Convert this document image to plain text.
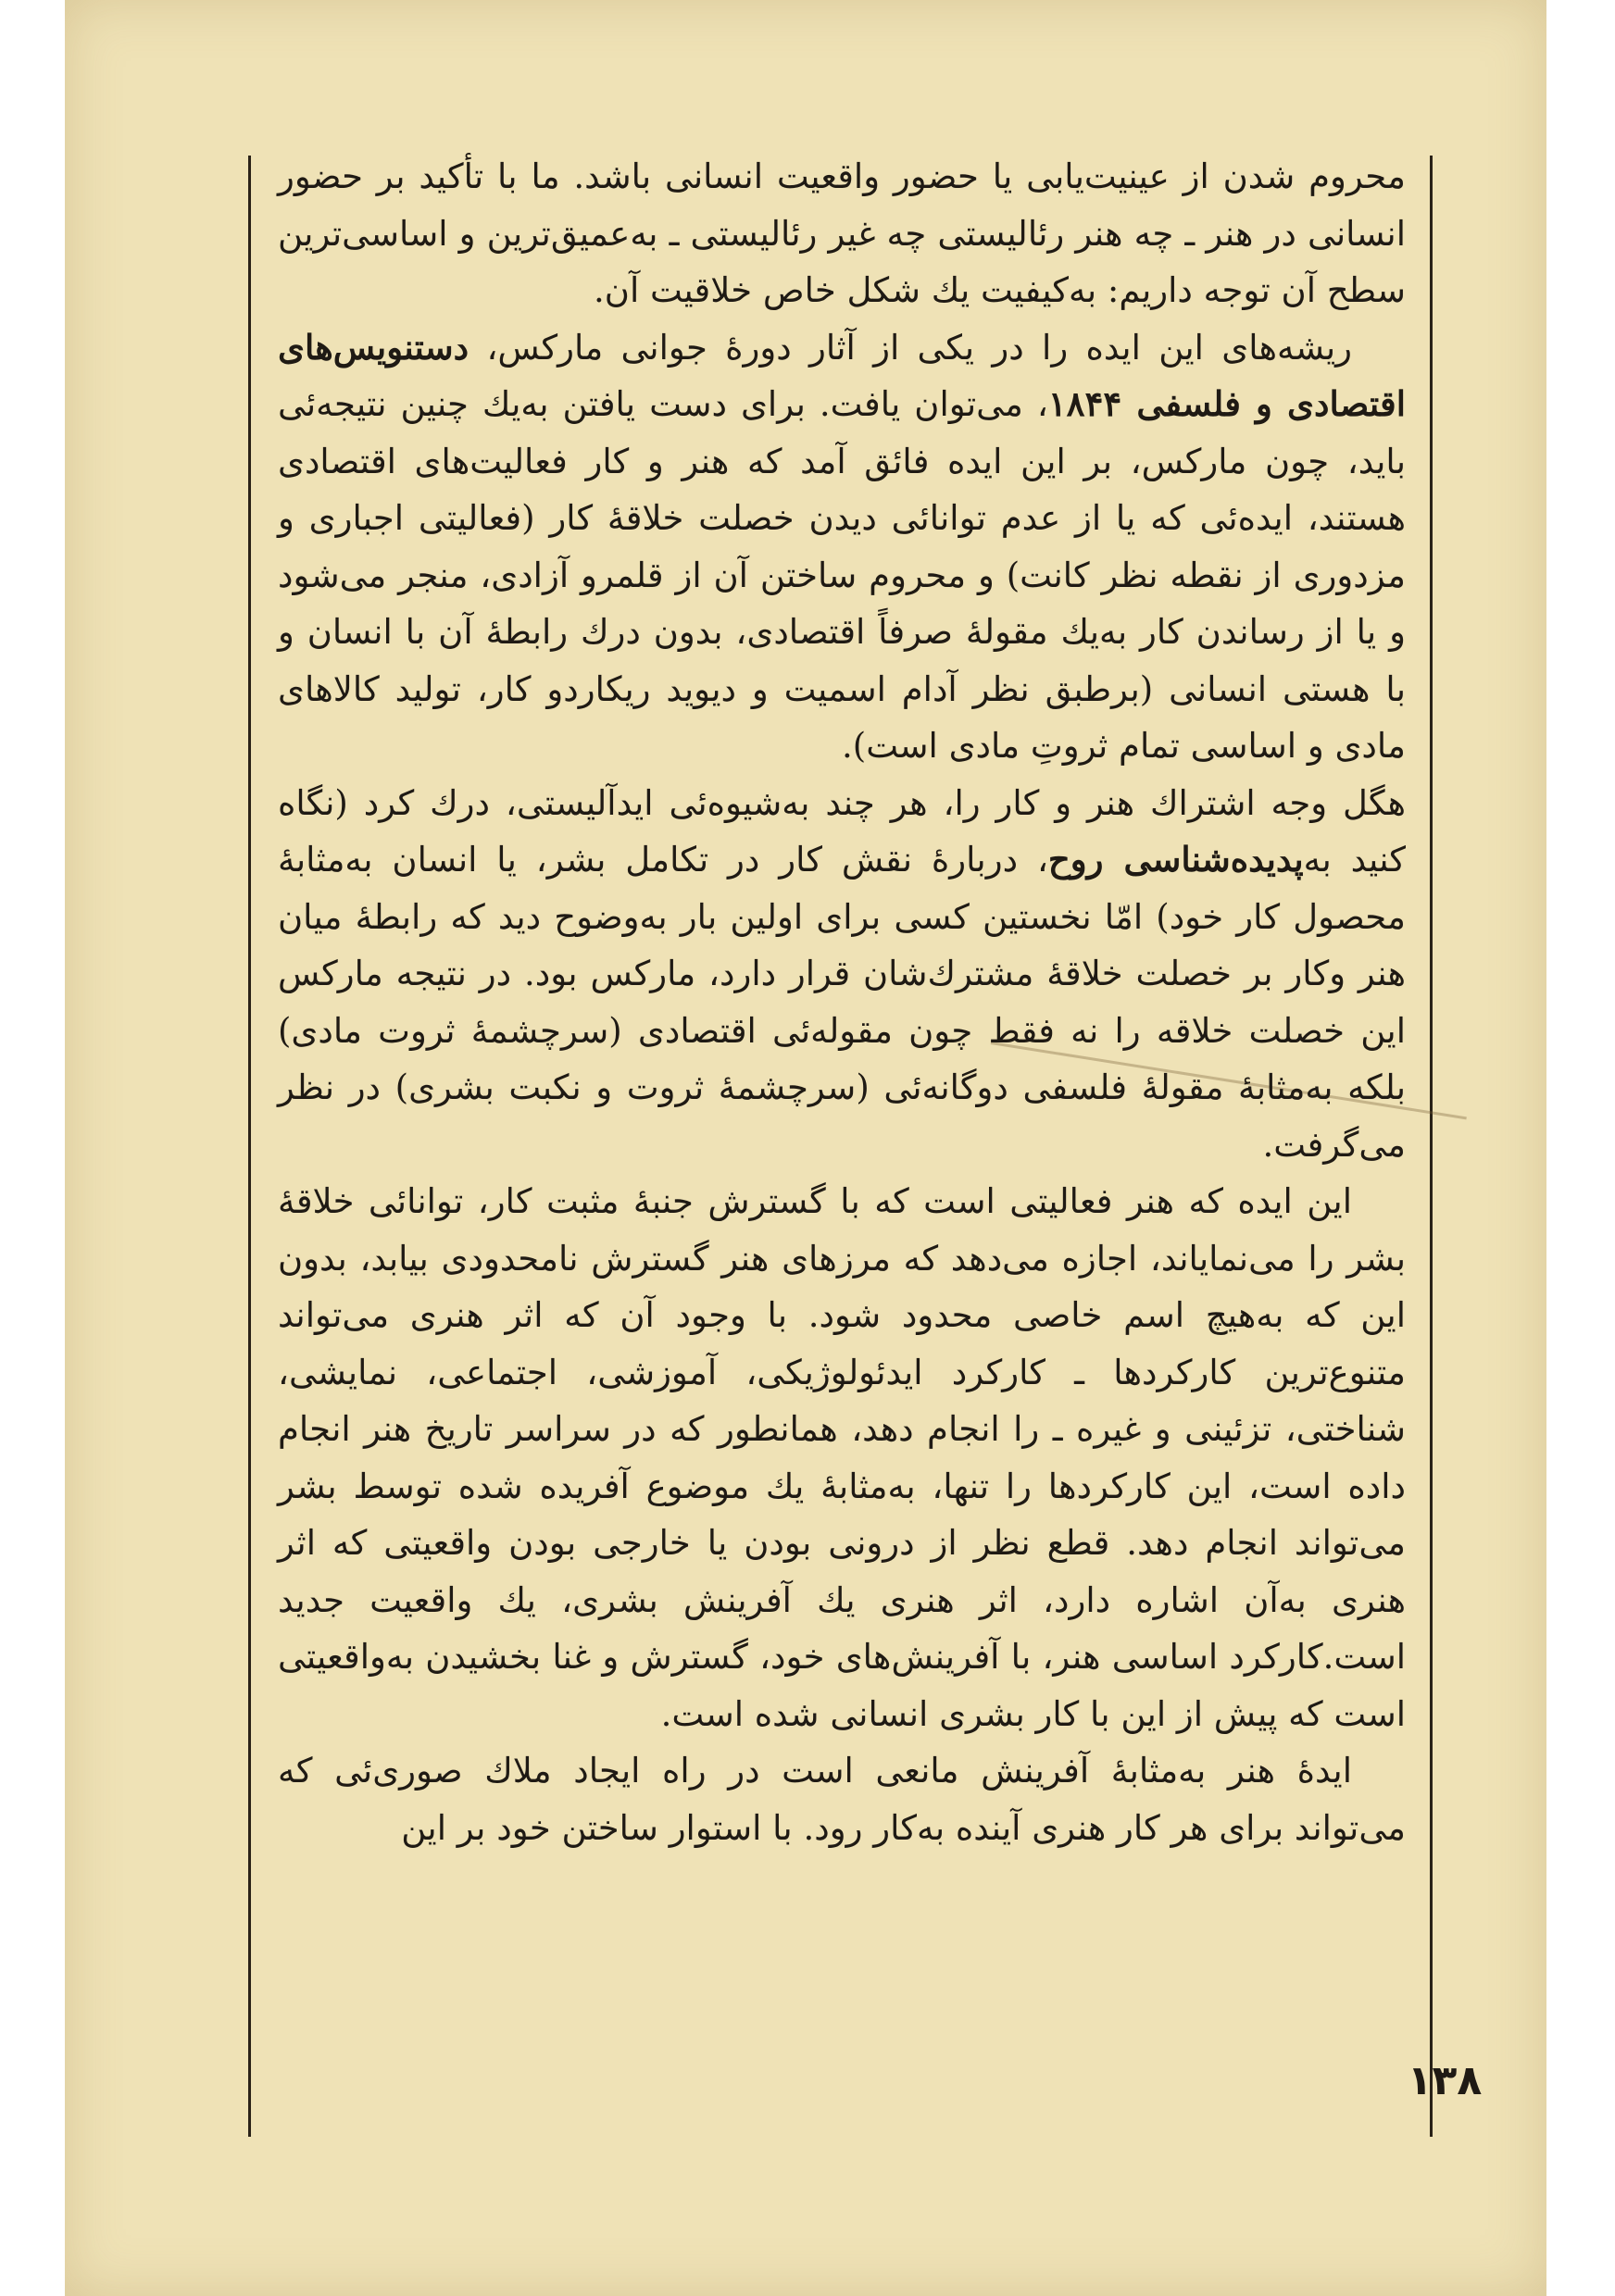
محروم شدن از عینیت‌یابی یا حضور واقعیت انسانی باشد. ما با تأکید بر حضور انسانی در هنر ـ چه هنر رئالیستی چه غیر رئالیستی ـ به‌عمیق‌ترین و اساسی‌ترین سطح آن توجه داریم: به‌کیفیت یك شکل خاص خلاقیت آن.

ریشه‌های این ایده را در یکی از آثار دورهٔ جوانی مارکس، دستنویس‌های اقتصادی و فلسفی ۱۸۴۴، می‌توان یافت. برای دست یافتن به‌یك چنین نتیجه‌ئی باید، چون مارکس، بر این ایده فائق آمد که هنر و کار فعالیت‌های اقتصادی هستند، ایده‌ئی که یا از عدم توانائی دیدن خصلت خلاقهٔ کار (فعالیتی اجباری و مزدوری از نقطه نظر کانت) و محروم ساختن آن از قلمرو آزادی، منجر می‌شود و یا از رساندن کار به‌یك مقولهٔ صرفاً اقتصادی، بدون درك رابطهٔ آن با انسان و با هستی انسانی (برطبق نظر آدام اسمیت و دیوید ریکاردو کار، تولید کالاهای مادی و اساسی تمام ثروتِ مادی است).

هگل وجه اشتراك هنر و کار را، هر چند به‌شیوه‌ئی ایدآلیستی، درك کرد (نگاه کنید به‌پدیده‌شناسی روح، دربارهٔ نقش کار در تکامل بشر، یا انسان به‌مثابهٔ محصول کار خود) امّا نخستین کسی برای اولین بار به‌وضوح دید که رابطهٔ میان هنر وکار بر خصلت خلاقهٔ مشترك‌شان قرار دارد، مارکس بود. در نتیجه مارکس این خصلت خلاقه را نه فقط چون مقوله‌ئی اقتصادی (سرچشمهٔ ثروت مادی) بلکه به‌مثابهٔ مقولهٔ فلسفی دوگانه‌ئی (سرچشمهٔ ثروت و نکبت بشری) در نظر می‌گرفت.

این ایده که هنر فعالیتی است که با گسترش جنبهٔ مثبت کار، توانائی خلاقهٔ بشر را می‌نمایاند، اجازه می‌دهد که مرزهای هنر گسترش نامحدودی بیابد، بدون این که به‌هیچ اسم خاصی محدود شود. با وجود آن که اثر هنری می‌تواند متنوع‌ترین کارکردها ـ کارکرد ایدئولوژیکی، آموزشی، اجتماعی، نمایشی، شناختی، تزئینی و غیره ـ را انجام دهد، همانطور که در سراسر تاریخ هنر انجام داده است، این کارکردها را تنها، به‌مثابهٔ یك موضوع آفریده شده توسط بشر می‌تواند انجام دهد. قطع نظر از درونی بودن یا خارجی بودن واقعیتی که اثر هنری به‌آن اشاره دارد، اثر هنری یك آفرینش بشری، یك واقعیت جدید است.کارکرد اساسی هنر، با آفرینش‌های خود، گسترش و غنا بخشیدن به‌واقعیتی است که پیش از این با کار بشری انسانی شده است.

ایدهٔ هنر به‌مثابهٔ آفرینش مانعی است در راه ایجاد ملاك صوری‌ئی که می‌تواند برای هر کار هنری آینده به‌کار رود. با استوار ساختن خود بر این

۱۳۸
